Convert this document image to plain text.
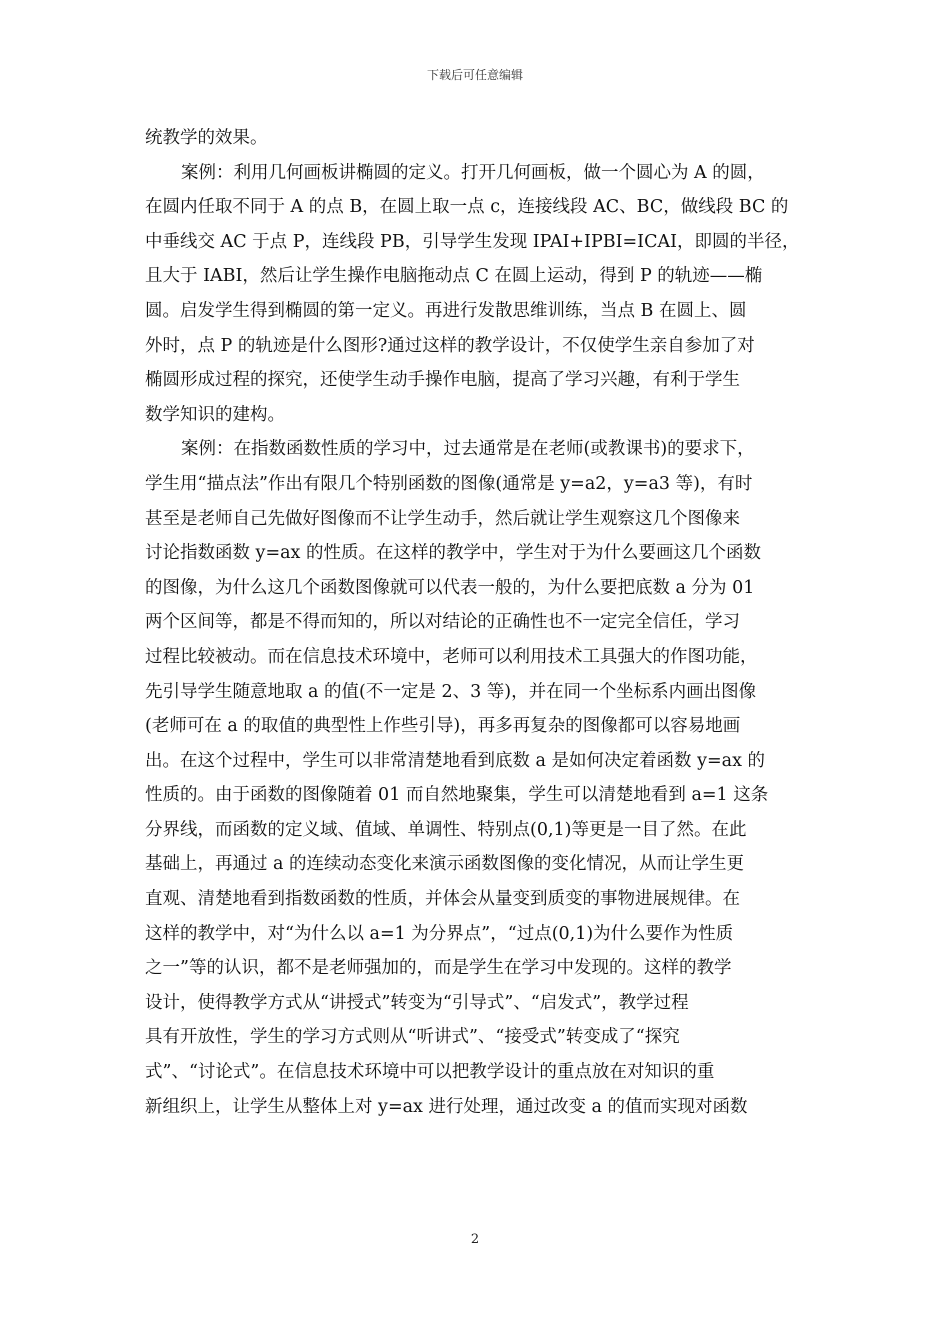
下载后可任意编辑
统教学的效果。
案例：利用几何画板讲椭圆的定义。打开几何画板，做一个圆心为 A 的圆，
在圆内任取不同于 A 的点 B，在圆上取一点 c，连接线段 AC、BC，做线段 BC 的
中垂线交 AC 于点 P，连线段 PB，引导学生发现 IPAI+IPBI=ICAI，即圆的半径，
且大于 IABI，然后让学生操作电脑拖动点 C 在圆上运动，得到 P 的轨迹——椭
圆。启发学生得到椭圆的第一定义。再进行发散思维训练，当点 B 在圆上、圆
外时，点 P 的轨迹是什么图形?通过这样的教学设计，不仅使学生亲自参加了对
椭圆形成过程的探究，还使学生动手操作电脑，提高了学习兴趣，有利于学生
数学知识的建构。
案例：在指数函数性质的学习中，过去通常是在老师(或教课书)的要求下，
学生用“描点法”作出有限几个特别函数的图像(通常是 y=a2，y=a3 等)，有时
甚至是老师自己先做好图像而不让学生动手，然后就让学生观察这几个图像来
讨论指数函数 y=ax 的性质。在这样的教学中，学生对于为什么要画这几个函数
的图像，为什么这几个函数图像就可以代表一般的，为什么要把底数 a 分为 01
两个区间等，都是不得而知的，所以对结论的正确性也不一定完全信任，学习
过程比较被动。而在信息技术环境中，老师可以利用技术工具强大的作图功能，
先引导学生随意地取 a 的值(不一定是 2、3 等)，并在同一个坐标系内画出图像
(老师可在 a 的取值的典型性上作些引导)，再多再复杂的图像都可以容易地画
出。在这个过程中，学生可以非常清楚地看到底数 a 是如何决定着函数 y=ax 的
性质的。由于函数的图像随着 01 而自然地聚集，学生可以清楚地看到 a=1 这条
分界线，而函数的定义域、值域、单调性、特别点(0,1)等更是一目了然。在此
基础上，再通过 a 的连续动态变化来演示函数图像的变化情况，从而让学生更
直观、清楚地看到指数函数的性质，并体会从量变到质变的事物进展规律。在
这样的教学中，对“为什么以 a=1 为分界点”，“过点(0,1)为什么要作为性质
之一”等的认识，都不是老师强加的，而是学生在学习中发现的。这样的教学
设计，使得教学方式从“讲授式”转变为“引导式”、“启发式”，教学过程
具有开放性，学生的学习方式则从“听讲式”、“接受式”转变成了“探究
式”、“讨论式”。在信息技术环境中可以把教学设计的重点放在对知识的重
新组织上，让学生从整体上对 y=ax 进行处理，通过改变 a 的值而实现对函数
2
